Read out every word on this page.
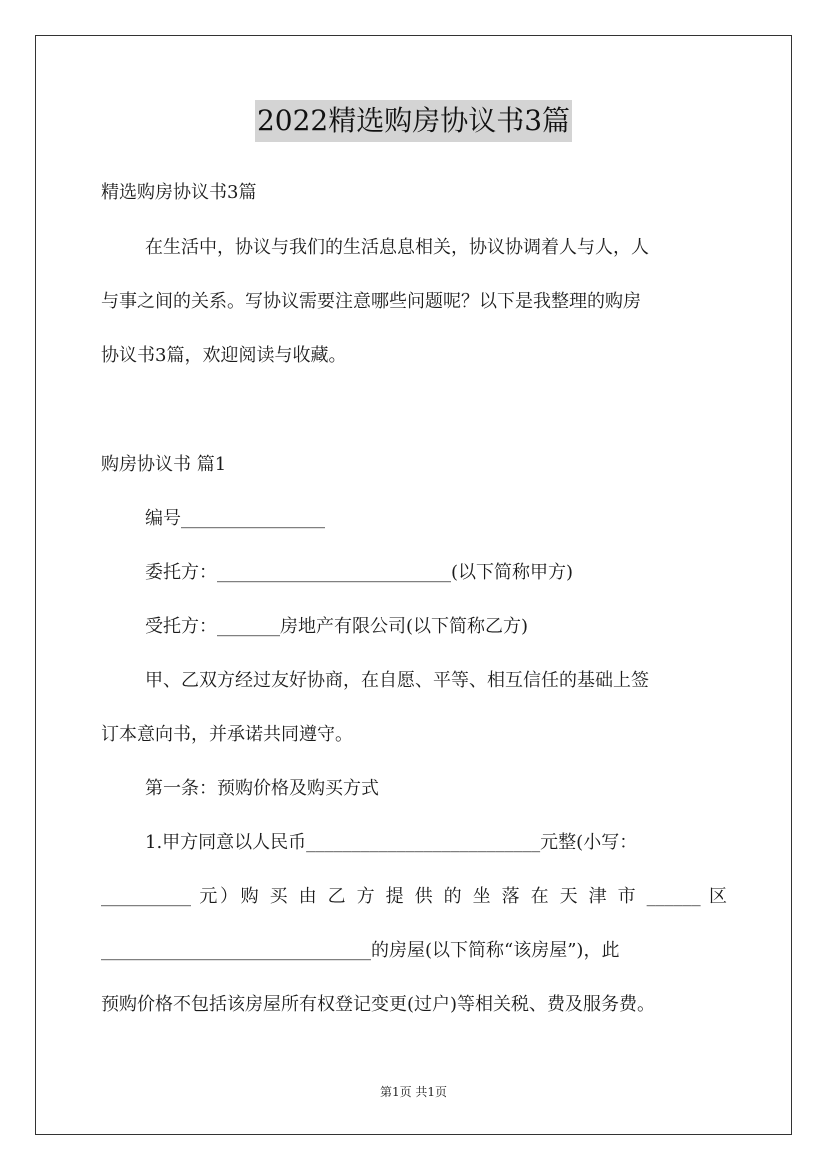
2022精选购房协议书3篇
精选购房协议书3篇
在生活中，协议与我们的生活息息相关，协议协调着人与人，人
与事之间的关系。写协议需要注意哪些问题呢？以下是我整理的购房
协议书3篇，欢迎阅读与收藏。
购房协议书 篇1
编号________________
委托方：__________________________(以下简称甲方)
受托方：_______房地产有限公司(以下简称乙方)
甲、乙双方经过友好协商，在自愿、平等、相互信任的基础上签
订本意向书，并承诺共同遵守。
第一条：预购价格及购买方式
1.甲方同意以人民币__________________________元整(小写：
__________ 元）购 买 由 乙 方 提 供 的 坐 落 在 天 津 市 ______ 区
______________________________的房屋(以下简称“该房屋”)，此
预购价格不包括该房屋所有权登记变更(过户)等相关税、费及服务费。
第1页 共1页
